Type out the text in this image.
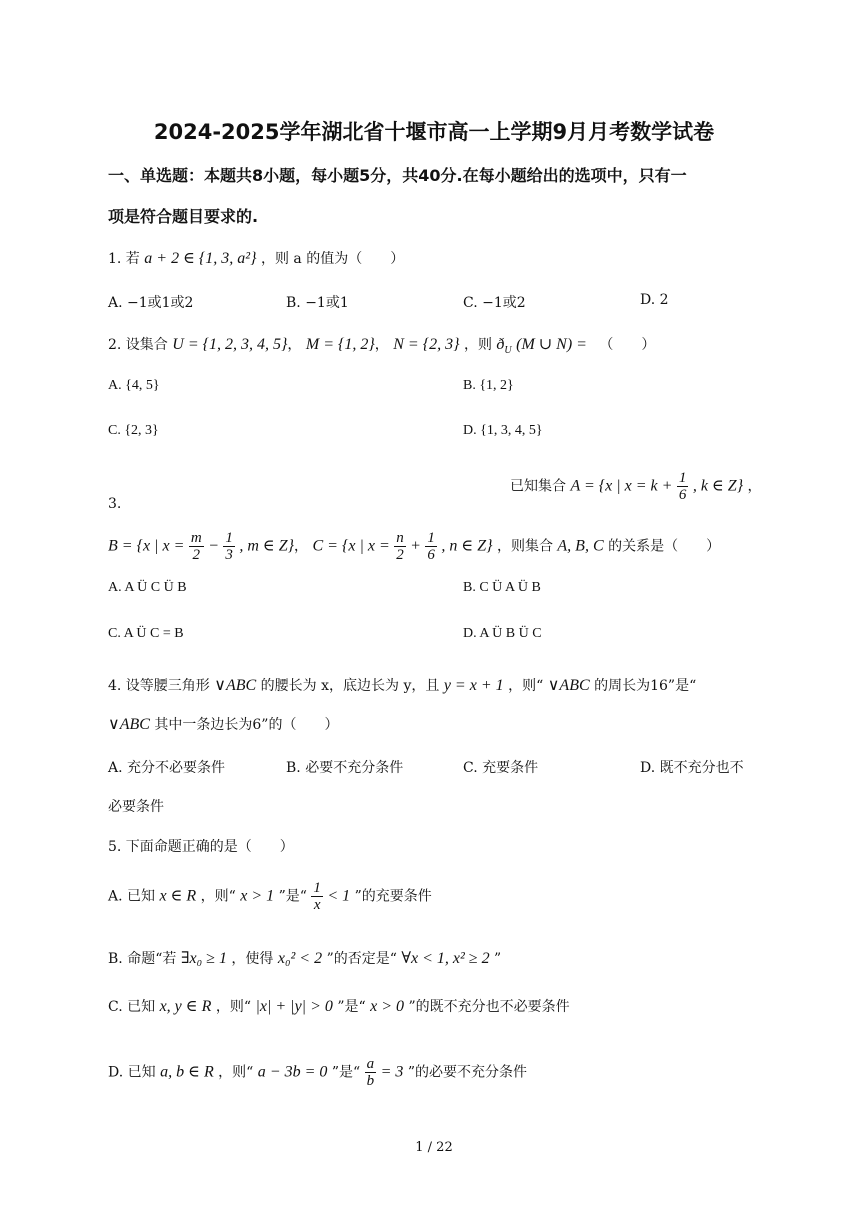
2024-2025学年湖北省十堰市高一上学期9月月考数学试卷
一、单选题：本题共8小题，每小题5分，共40分.在每小题给出的选项中，只有一
项是符合题目要求的.
1. 若 a + 2 ∈ {1, 3, a²} ，则 a 的值为（　　）
A. −1或1或2	B. −1或1	C. −1或2	D. 2
2. 设集合 U = {1, 2, 3, 4, 5}， M = {1, 2}， N = {2, 3} ，则 $ð_U$ (M ∪ N) = （　　）
A. {4, 5}	B. {1, 2}
C. {2, 3}	D. {1, 3, 4, 5}
3.
已知集合 A = {x | $x = k + \frac{1}{6}$ , k ∈ Z} ，
B = {x | $x = \frac{m}{2} - \frac{1}{3}$ , m ∈ Z}， C = {x | $x = \frac{n}{2} + \frac{1}{6}$ , n ∈ Z} ，则集合 A, B, C 的关系是（　　）
A. A Ü C Ü B	B. C Ü A Ü B
C. A Ü C = B	D. A Ü B Ü C
4. 设等腰三角形 ∨ABC 的腰长为 x，底边长为 y，且 y = x + 1 ，则“ ∨ABC 的周长为16”是“
∨ABC 其中一条边长为6”的（　　）
A. 充分不必要条件	B. 必要不充分条件	C. 充要条件	D. 既不充分也不
必要条件
5. 下面命题正确的是（　　）
A. 已知 x ∈ R ，则“ x > 1 ”是“ $\frac{1}{x} < 1$ ”的充要条件
B. 命题“若 ∃x₀ ≥ 1 ，使得 x₀² < 2 ”的否定是“ ∀x < 1, x² ≥ 2 ”
C. 已知 x, y ∈ R ，则“ |x| + |y| > 0 ”是“ x > 0 ”的既不充分也不必要条件
D. 已知 a, b ∈ R ，则“ a − 3b = 0 ”是“ $\frac{a}{b} = 3$ ”的必要不充分条件
1 / 22
